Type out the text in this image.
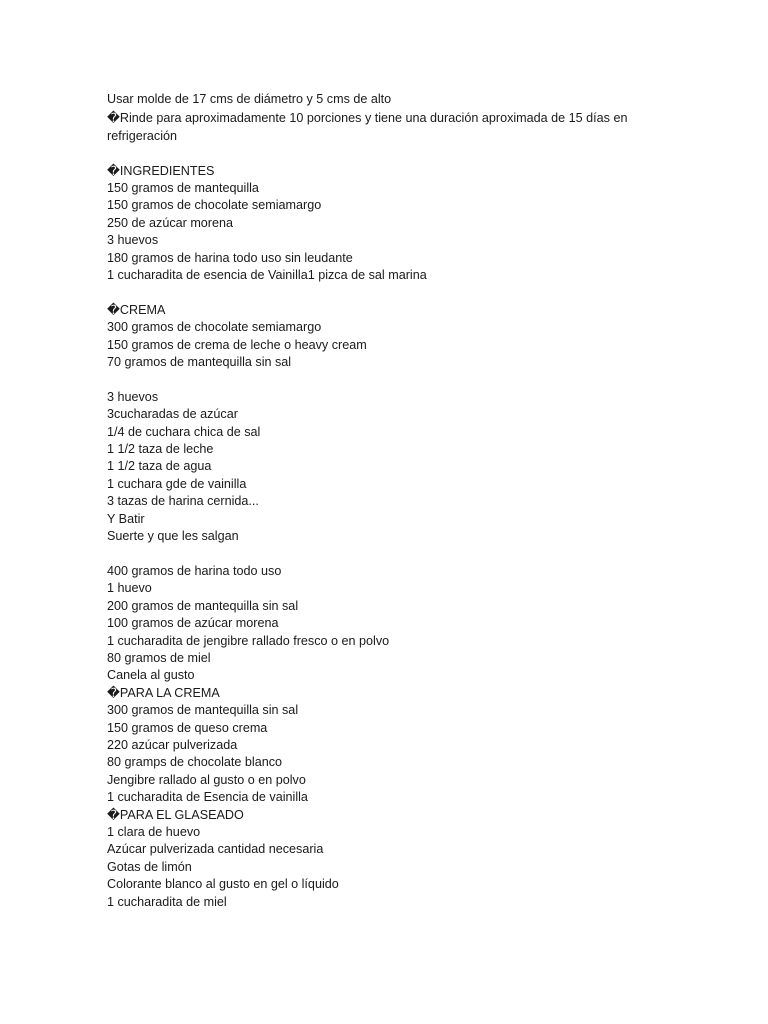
Usar molde de 17 cms de diámetro y 5 cms de alto
�Rinde para aproximadamente 10 porciones y tiene una duración aproximada de 15 días en refrigeración
�INGREDIENTES
150 gramos de mantequilla
150 gramos de chocolate semiamargo
250 de azúcar morena
3 huevos
180 gramos de harina todo uso sin leudante
1 cucharadita de esencia de Vainilla1 pizca de sal marina
�CREMA
300 gramos de chocolate semiamargo
150 gramos de crema de leche o heavy cream
70 gramos de mantequilla sin sal
3 huevos
3cucharadas de azúcar
1/4 de cuchara chica de sal
1 1/2 taza de leche
1 1/2 taza de agua
1 cuchara gde de vainilla
3 tazas de harina cernida...
Y Batir
Suerte y que les salgan
400 gramos de harina todo uso
1 huevo
200 gramos de mantequilla sin sal
100 gramos de azúcar morena
1 cucharadita de jengibre rallado fresco o en polvo
80 gramos de miel
Canela al gusto
�PARA LA CREMA
300 gramos de mantequilla sin sal
150 gramos de queso crema
220 azúcar pulverizada
80 gramps de chocolate blanco
Jengibre rallado al gusto o en polvo
1 cucharadita de Esencia de vainilla
�PARA EL GLASEADO
1 clara de huevo
Azúcar pulverizada cantidad necesaria
Gotas de limón
Colorante blanco al gusto en gel o líquido
1 cucharadita de miel
